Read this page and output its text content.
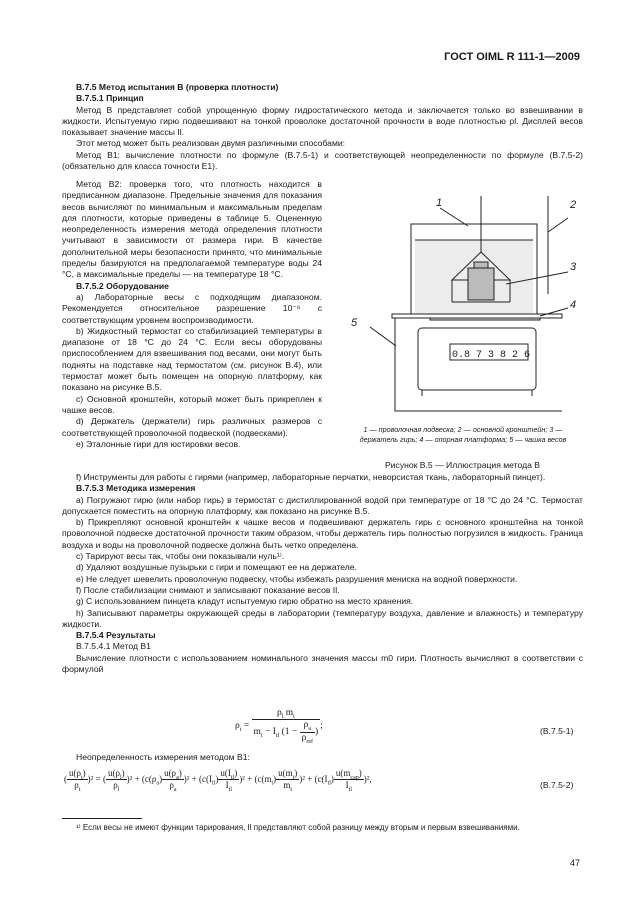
ГОСТ OIML R 111-1—2009

B.7.5 Метод испытания B (проверка плотности)

B.7.5.1 Принцип

Метод B представляет собой упрощенную форму гидростатического метода и заключается только во взвешивании в жидкости. Испытуемую гирю подвешивают на тонкой проволоке достаточной прочности в воде плотностью ρl. Дисплей весов показывает значение массы Il.

Этот метод может быть реализован двумя различными способами:

Метод B1: вычисление плотности по формуле (B.7.5-1) и соответствующей неопределенности по формуле (B.7.5-2) (обязательно для класса точности E1).

Метод B2: проверка того, что плотность находится в предписанном диапазоне. Предельные значения для показания весов вычисляют по минимальным и максимальным пределам для плотности, которые приведены в таблице 5. Оцененную неопределенность измерения метода определения плотности учитывают в зависимости от размера гири. В качестве дополнительной меры безопасности принято, что минимальные пределы базируются на предполагаемой температуре воды 24 °C, а максимальные пределы — на температуре 18 °C.

B.7.5.2 Оборудование

a) Лабораторные весы с подходящим диапазоном. Рекомендуется относительное разрешение 10⁻⁶ с соответствующим уровнем воспроизводимости.

b) Жидкостный термостат со стабилизацией температуры в диапазоне от 18 °C до 24 °C. Если весы оборудованы приспособлением для взвешивания под весами, они могут быть подняты на подставке над термостатом (см. рисунок B.4), или термостат может быть помещен на опорную платформу, как показано на рисунке B.5.

c) Основной кронштейн, который может быть прикреплен к чашке весов.

d) Держатель (держатели) гирь различных размеров с соответствующей проволочной подвеской (подвесками).

e) Эталонные гири для юстировки весов.

0.8 7 3 8 2 6
1	2
3
4
5
1 — проволочная подвеска; 2 — основной кронштейн; 3 — держатель гирь; 4 — опорная платформа; 5 — чашка весов
Рисунок B.5 — Иллюстрация метода B

f) Инструменты для работы с гирями (например, лабораторные перчатки, неворсистая ткань, лабораторный пинцет).

B.7.5.3 Методика измерения

a) Погружают гирю (или набор гирь) в термостат с дистиллированной водой при температуре от 18 °C до 24 °C. Термостат допускается поместить на опорную платформу, как показано на рисунке B.5.

b) Прикрепляют основной кронштейн к чашке весов и подвешивают держатель гирь с основного кронштейна на тонкой проволочной подвеске достаточной прочности таким образом, чтобы держатель гирь полностью погрузился в жидкость. Граница воздуха и воды на проволочной подвеске должна быть четко определена.

c) Тарируют весы так, чтобы они показывали нуль¹⁾.

d) Удаляют воздушные пузырьки с гири и помещают ее на держателе.

e) Не следует шевелить проволочную подвеску, чтобы избежать разрушения мениска на водной поверхности.

f) После стабилизации снимают и записывают показание весов Il.

g) С использованием пинцета кладут испытуемую гирю обратно на место хранения.

h) Записывают параметры окружающей среды в лаборатории (температуру воздуха, давление и влажность) и температуру жидкости.

B.7.5.4 Результаты

B.7.5.4.1 Метод B1

Вычисление плотности с использованием номинального значения массы m0 гири. Плотность вычисляют в соответствии с формулой

$\rho_t = \frac{\rho_l m_t}{m_t - I_{tl} (1 - \frac{\rho_a}{\rho_{ref}} )}$ ;	(B.7.5-1)
Неопределенность измерения методом B1:
( $\frac{u(\rho_t)}{\rho_t} )^2$ = ( $\frac{u(\rho_l)}{\rho_l} )^2 + (c(\rho_a) \frac{u(\rho_a)}{\rho_a} )^2 + (c(I_{tl}) \frac{u(I_{tl})}{I_{tl}} )^2 + (c(m_t) \frac{u(m_t)}{m_t} )^2 + (c(I_{tl}) \frac{u(m_{cap})}{I_{tl}} )^2$,
(B.7.5-2)
¹⁾ Если весы не имеют функции тарирования, Il представляют собой разницу между вторым и первым взвешиваниями.
47
